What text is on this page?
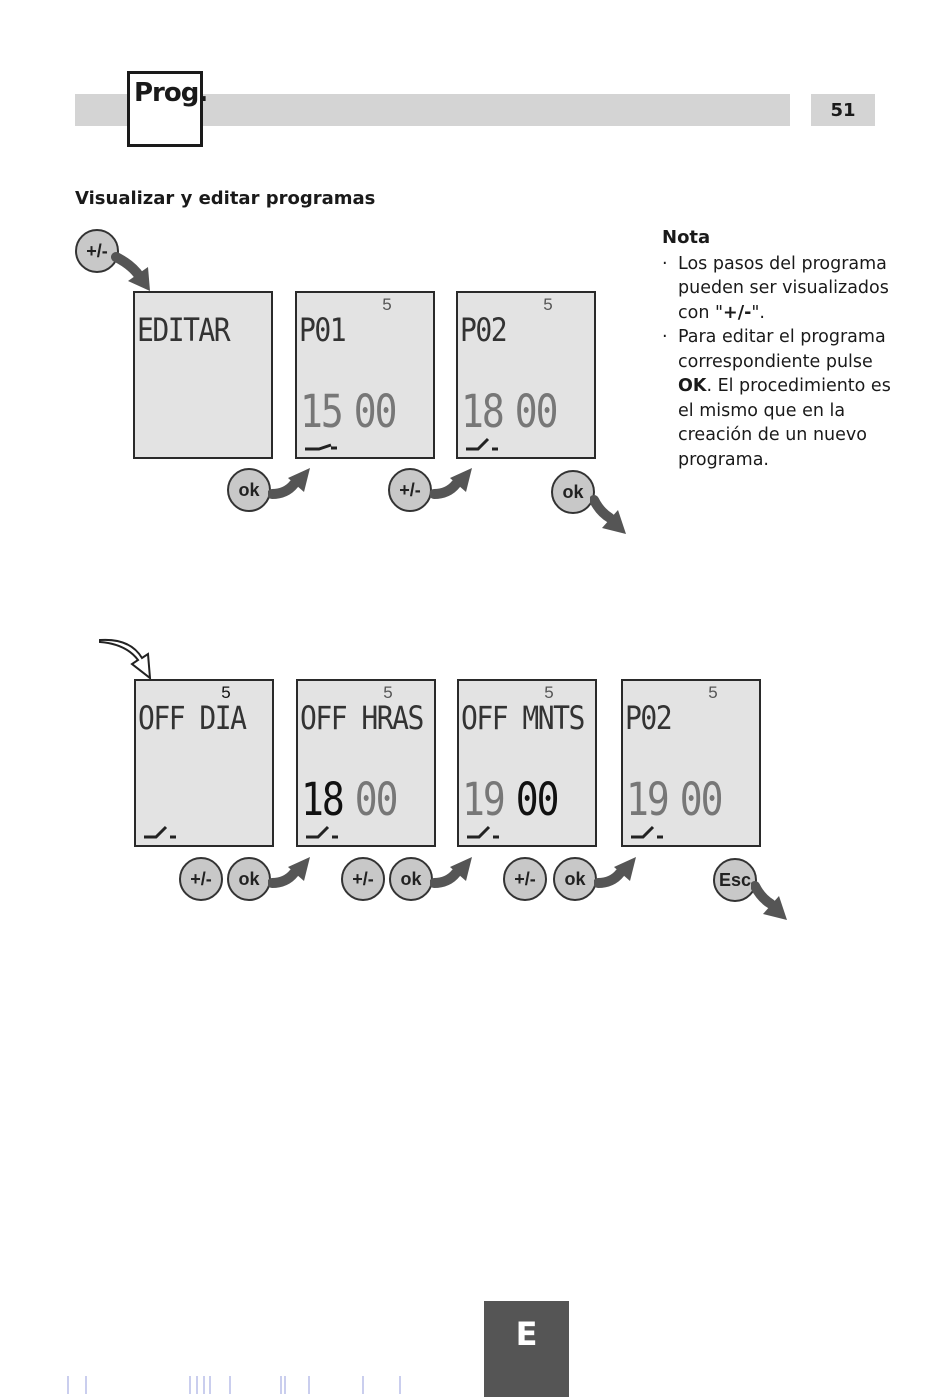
51
Prog.
Visualizar y editar programas
Nota
· Los pasos del programa pueden ser visualizados con "+/-".
· Para editar el programa correspondiente pulse OK. El procedimiento es el mismo que en la creación de un nuevo programa.
+/-
EDITAR
5
P01
15 00
5
P02
18 00
ok	+/-	ok
5
OFF DIA
5
OFF HRAS
18 00
5
OFF MNTS
19 00
5
P02
19 00
+/-	ok	+/-	ok	+/-	ok	Esc
E
